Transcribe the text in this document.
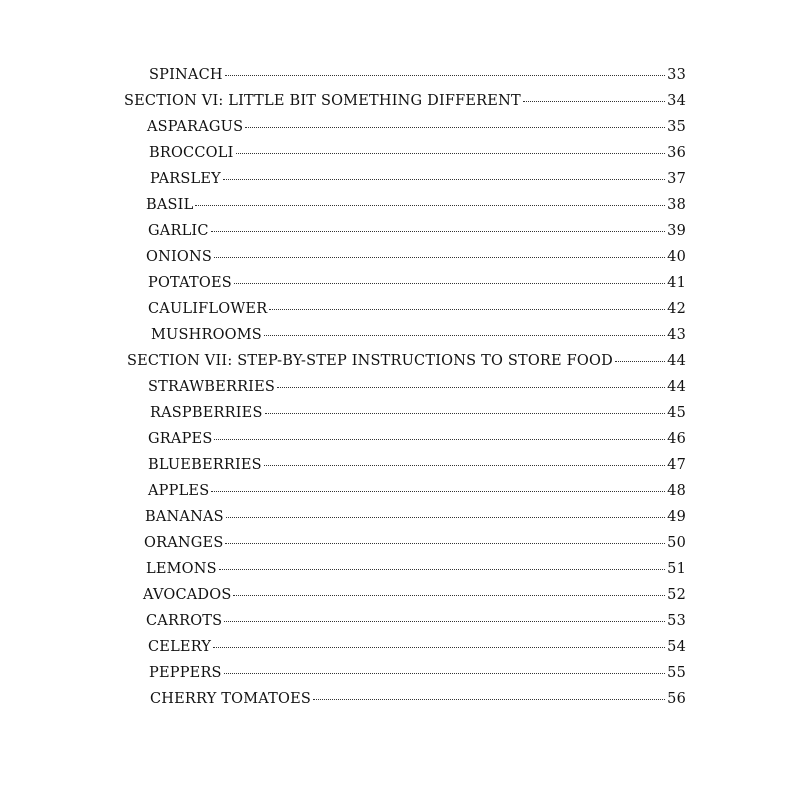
SPINACH	33
SECTION VI: LITTLE BIT SOMETHING DIFFERENT	34
ASPARAGUS	35
BROCCOLI	36
PARSLEY	37
BASIL	38
GARLIC	39
ONIONS	40
POTATOES	41
CAULIFLOWER	42
MUSHROOMS	43
SECTION VII: STEP-BY-STEP INSTRUCTIONS TO STORE FOOD	44
STRAWBERRIES	44
RASPBERRIES	45
GRAPES	46
BLUEBERRIES	47
APPLES	48
BANANAS	49
ORANGES	50
LEMONS	51
AVOCADOS	52
CARROTS	53
CELERY	54
PEPPERS	55
CHERRY TOMATOES	56
